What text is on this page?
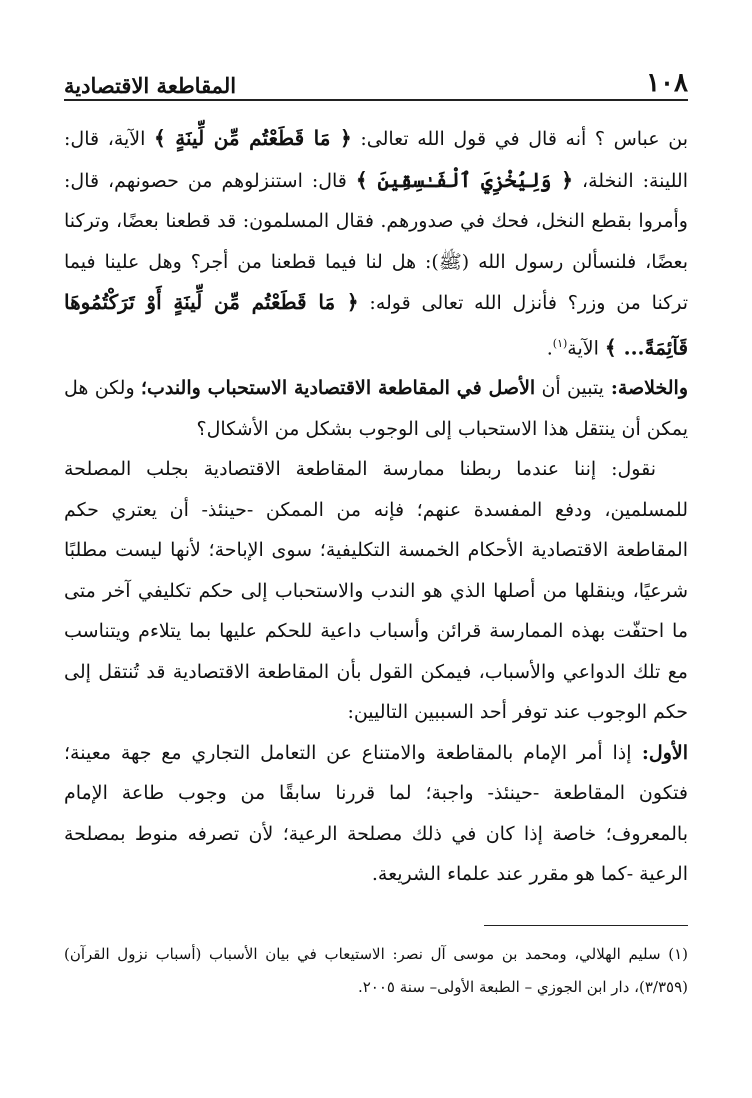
١٠٨
المقاطعة الاقتصادية

بن عباس ؟ أنه قال في قول الله تعالى: ﴿ مَا قَطَعْتُم مِّن لِّينَةٍ ﴾ الآية، قال: اللينة: النخلة، ﴿ وَلِيُخْزِيَ ٱلْفَـٰسِقِينَ ﴾ قال: استنزلوهم من حصونهم، قال: وأمروا بقطع النخل، فحك في صدورهم. فقال المسلمون: قد قطعنا بعضًا، وتركنا بعضًا، فلنسألن رسول الله (ﷺ): هل لنا فيما قطعنا من أجر؟ وهل علينا فيما تركنا من وزر؟ فأنزل الله تعالى قوله: ﴿ مَا قَطَعْتُم مِّن لِّينَةٍ أَوْ تَرَكْتُمُوهَا قَآئِمَةً... ﴾ الآية$^{(١)}$.

والخلاصة: يتبين أن الأصل في المقاطعة الاقتصادية الاستحباب والندب؛ ولكن هل يمكن أن ينتقل هذا الاستحباب إلى الوجوب بشكل من الأشكال؟

نقول: إننا عندما ربطنا ممارسة المقاطعة الاقتصادية بجلب المصلحة للمسلمين، ودفع المفسدة عنهم؛ فإنه من الممكن -حينئذ- أن يعتري حكم المقاطعة الاقتصادية الأحكام الخمسة التكليفية؛ سوى الإباحة؛ لأنها ليست مطلبًا شرعيًا، وينقلها من أصلها الذي هو الندب والاستحباب إلى حكم تكليفي آخر متى ما احتفّت بهذه الممارسة قرائن وأسباب داعية للحكم عليها بما يتلاءم ويتناسب مع تلك الدواعي والأسباب، فيمكن القول بأن المقاطعة الاقتصادية قد تُنتقل إلى حكم الوجوب عند توفر أحد السببين التاليين:

الأول: إذا أمر الإمام بالمقاطعة والامتناع عن التعامل التجاري مع جهة معينة؛ فتكون المقاطعة -حينئذ- واجبة؛ لما قررنا سابقًا من وجوب طاعة الإمام بالمعروف؛ خاصة إذا كان في ذلك مصلحة الرعية؛ لأن تصرفه منوط بمصلحة الرعية -كما هو مقرر عند علماء الشريعة.

(١) سليم الهلالي، ومحمد بن موسى آل نصر: الاستيعاب في بيان الأسباب (أسباب نزول القرآن) (٣/٣٥٩)، دار ابن الجوزي – الطبعة الأولى– سنة ٢٠٠٥.
